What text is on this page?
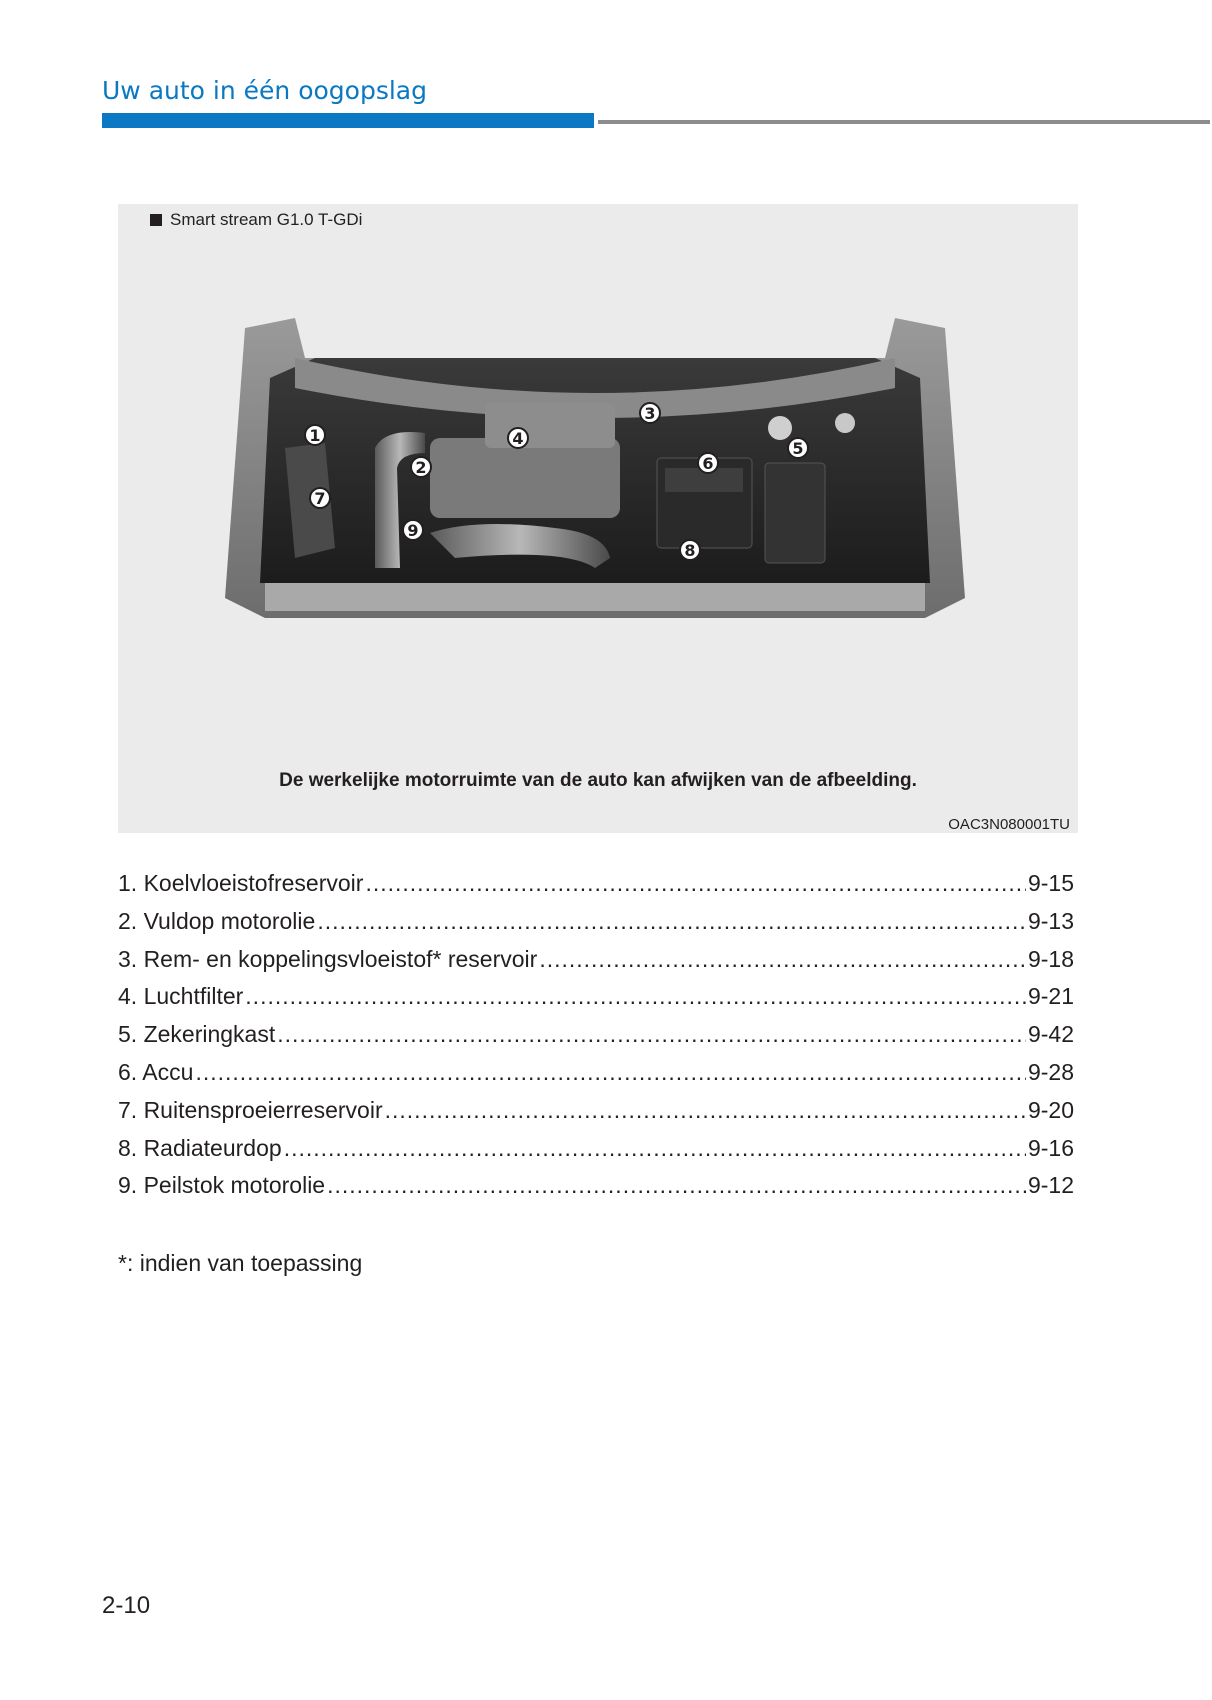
Uw auto in één oogopslag
Smart stream G1.0 T-GDi
1
2
3
4
5
6
7
8
9
De werkelijke motorruimte van de auto kan afwijken van de afbeelding.
OAC3N080001TU
1. Koelvloeistofreservoir .....	9-15
2. Vuldop motorolie .....	9-13
3. Rem- en koppelingsvloeistof* reservoir .....	9-18
4. Luchtfilter .....	9-21
5. Zekeringkast .....	9-42
6. Accu .....	9-28
7. Ruitensproeierreservoir .....	9-20
8. Radiateurdop .....	9-16
9. Peilstok motorolie .....	9-12

*: indien van toepassing

2-10
